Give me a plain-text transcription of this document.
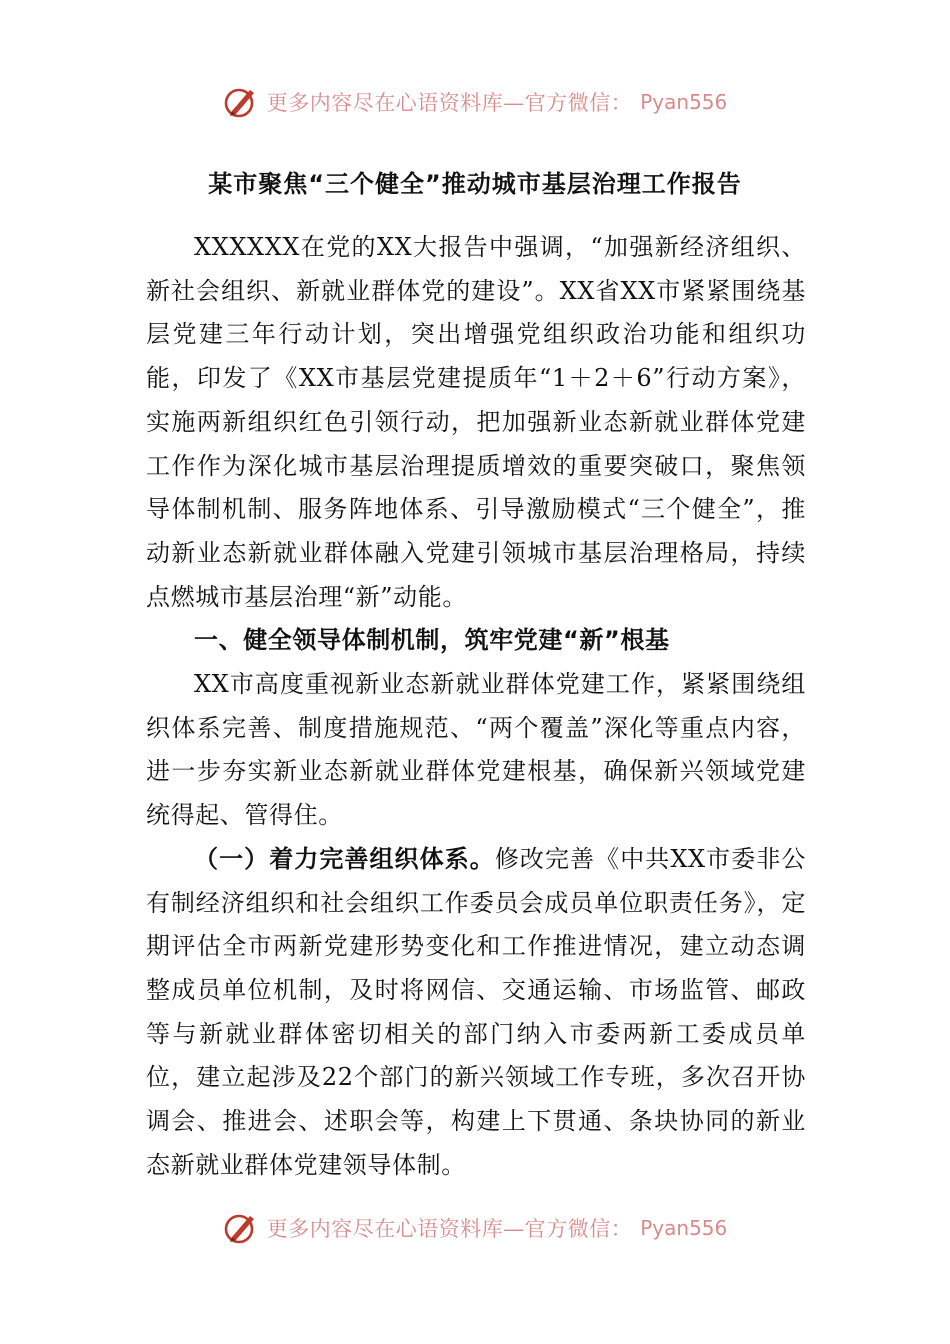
更多内容尽在心语资料库—官方微信： Pyan556
某市聚焦“三个健全”推动城市基层治理工作报告

XXXXXX在党的XX大报告中强调，“加强新经济组织、新社会组织、新就业群体党的建设”。XX省XX市紧紧围绕基层党建三年行动计划，突出增强党组织政治功能和组织功能，印发了《XX市基层党建提质年“1＋2＋6”行动方案》，实施两新组织红色引领行动，把加强新业态新就业群体党建工作作为深化城市基层治理提质增效的重要突破口，聚焦领导体制机制、服务阵地体系、引导激励模式“三个健全”，推动新业态新就业群体融入党建引领城市基层治理格局，持续点燃城市基层治理“新”动能。

一、健全领导体制机制，筑牢党建“新”根基

XX市高度重视新业态新就业群体党建工作，紧紧围绕组织体系完善、制度措施规范、“两个覆盖”深化等重点内容，进一步夯实新业态新就业群体党建根基，确保新兴领域党建统得起、管得住。

（一）着力完善组织体系。修改完善《中共XX市委非公有制经济组织和社会组织工作委员会成员单位职责任务》，定期评估全市两新党建形势变化和工作推进情况，建立动态调整成员单位机制，及时将网信、交通运输、市场监管、邮政等与新就业群体密切相关的部门纳入市委两新工委成员单位，建立起涉及22个部门的新兴领域工作专班，多次召开协调会、推进会、述职会等，构建上下贯通、条块协同的新业态新就业群体党建领导体制。

更多内容尽在心语资料库—官方微信： Pyan556
